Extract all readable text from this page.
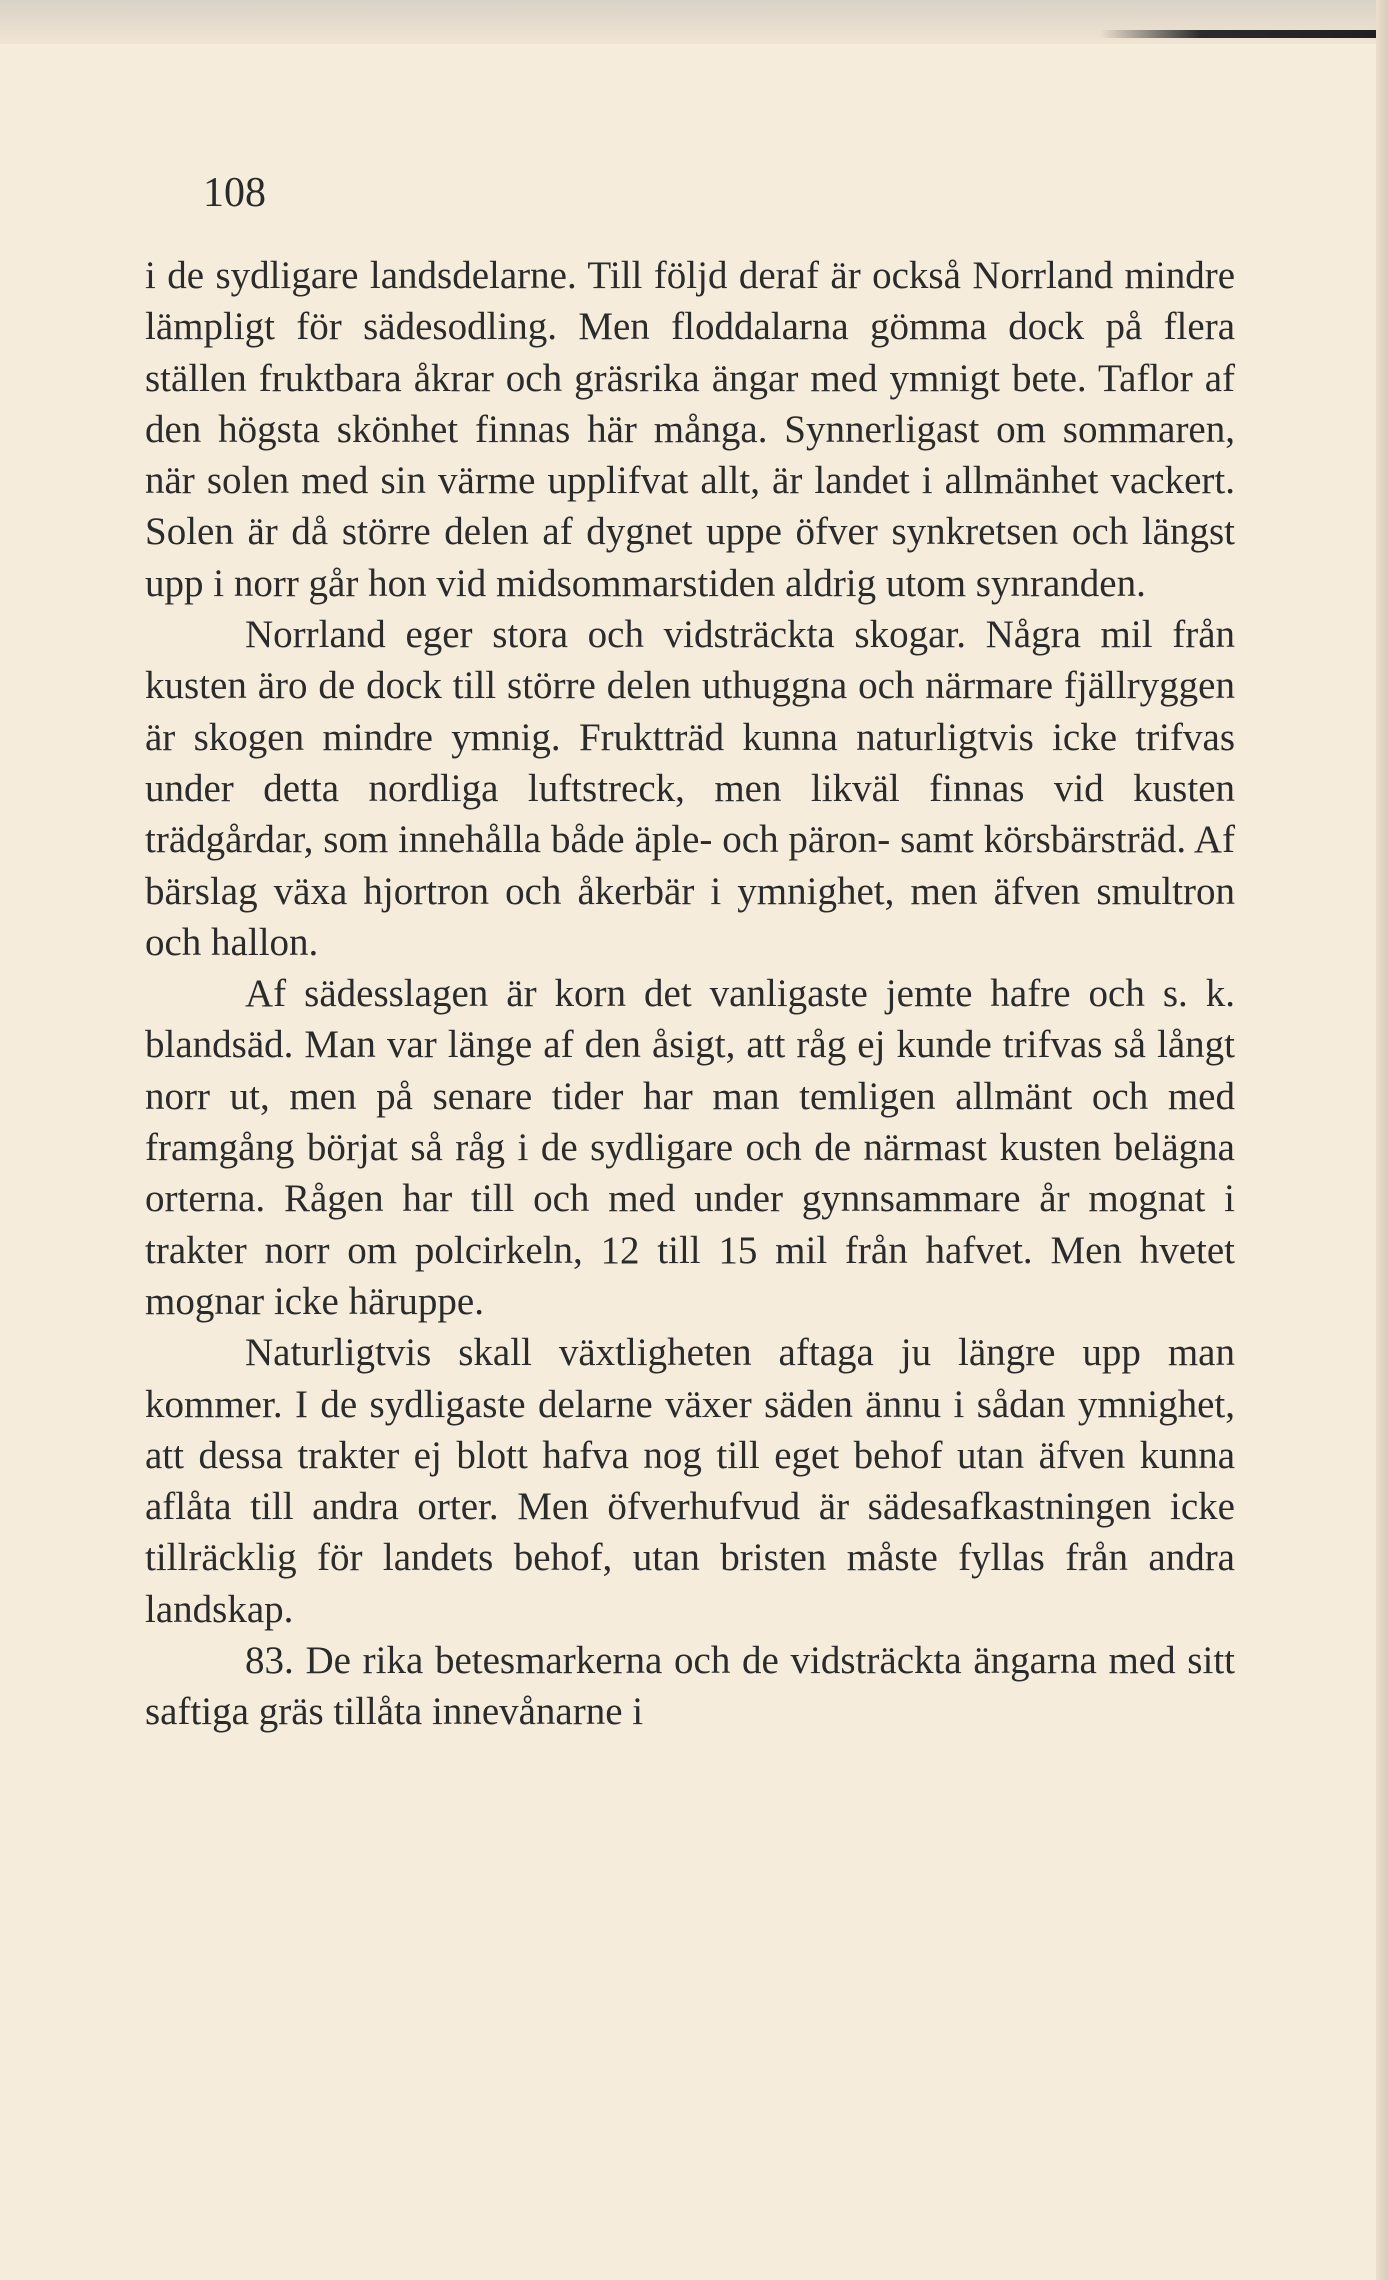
108

i de sydligare landsdelarne. Till följd deraf är också Norrland mindre lämpligt för sädesodling. Men floddalarna gömma dock på flera ställen fruktbara åkrar och gräsrika ängar med ymnigt bete. Taflor af den högsta skönhet finnas här många. Synnerligast om sommaren, när solen med sin värme upplifvat allt, är landet i allmänhet vackert. Solen är då större delen af dygnet uppe öfver synkretsen och längst upp i norr går hon vid midsommarstiden aldrig utom synranden.

Norrland eger stora och vidsträckta skogar. Några mil från kusten äro de dock till större delen uthuggna och närmare fjällryggen är skogen mindre ymnig. Fruktträd kunna naturligtvis icke trifvas under detta nordliga luftstreck, men likväl finnas vid kusten trädgårdar, som innehålla både äple- och päron- samt körsbärsträd. Af bärslag växa hjortron och åkerbär i ymnighet, men äfven smultron och hallon.

Af sädesslagen är korn det vanligaste jemte hafre och s. k. blandsäd. Man var länge af den åsigt, att råg ej kunde trifvas så långt norr ut, men på senare tider har man temligen allmänt och med framgång börjat så råg i de sydligare och de närmast kusten belägna orterna. Rågen har till och med under gynnsammare år mognat i trakter norr om polcirkeln, 12 till 15 mil från hafvet. Men hvetet mognar icke häruppe.

Naturligtvis skall växtligheten aftaga ju längre upp man kommer. I de sydligaste delarne växer säden ännu i sådan ymnighet, att dessa trakter ej blott hafva nog till eget behof utan äfven kunna aflåta till andra orter. Men öfverhufvud är sädesafkastningen icke tillräcklig för landets behof, utan bristen måste fyllas från andra landskap.

83. De rika betesmarkerna och de vidsträckta ängarna med sitt saftiga gräs tillåta innevånarne i
